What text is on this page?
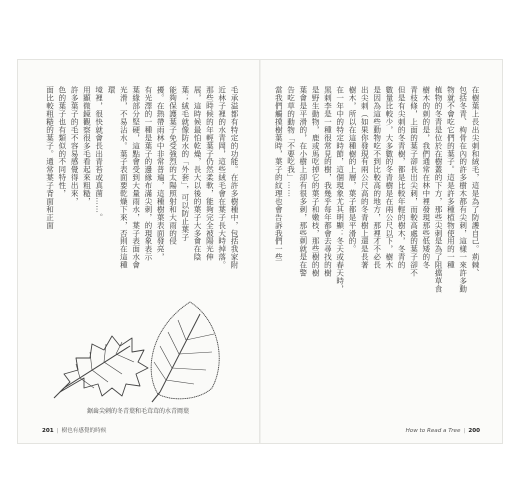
毛承溢都有特定的功能。在許多樹種中，包括我家附
近林子裡的水青岡，這些絨毛會在葉子長大時掉落。
那些時候的年輕葉子仍然柔軟，能夠完全被陽光伸
展，這時候最怕乾燥，長大以後的葉子大多會在陰
葉；絨毛就像防水的「外套」，可以防止葉子
能夠保護葉子免受強烈的太陽照射和大雨的侵
擾。在熱帶雨林中非常普遍，這種樹葉表面發亮，
有光澤的一種是葉子的邊緣布滿尖刺，的現象表示
葉緣部分堅硬，這點會受到大量雨水，葉子表面水會
光滑，不易沾水。葉子表面要乾燥下來，否則在這種環
境裡，很快就會長出青苔或真菌……。
用顯微鏡觀察很多毛看起來粗糙，
許多葉子的毛不容易感覺得出來，
色的葉子也有類似的不同特性，
面比較粗糙的葉子。通常葉子背面和正面
鋸齒尖刺的冬青葉和毛茸茸的水青岡葉
201 | 樹也有感覺的時候
在樹葉上長出尖刺和絨毛，這是為了防護自己。荊棘、
包括冬青、枸骨在內的許多樹木都有尖刺，這樣一來許多動
物就不會吃它們的葉子。這是許多種植物使用的一種
植物的冬青是位於在樹叢的下方，那些尖刺是為了阻擋草食
樹木的刺的是，我們通常在林中裡發現那些低矮的冬
青枝條，上面的葉子卻長出尖刺，而較高處的葉子卻不
但是有尖刺的冬青樹，都是比較年輕的樹木，冬青的
數量比較少，大多數的冬青樹是在兩公尺以下，樹木
是因為這些動物吃不到比較高的地方，那裡才不必長
出尖刺（如果你發現有兩公尺高的冬青樹上還是長著
樹木，所以在這種樹的上層，葉子都是平滑的。
在一年中的特定時節，這個現象尤其明顯：冬天或春天時，
黑刺李是一種很常見的樹，我幾乎每年都會去尋找的樹
是野生動物，鹿或馬吃掉它的葉子和嫩枝，那些樹的樹
葉會是平滑的，在小樹上卻有很多刺，那些刺就是在警
告吃草的動物「不要吃我」……
當我們觸摸樹葉時，葉子的紋理也會告訴我們一些
How to Read a Tree | 200
